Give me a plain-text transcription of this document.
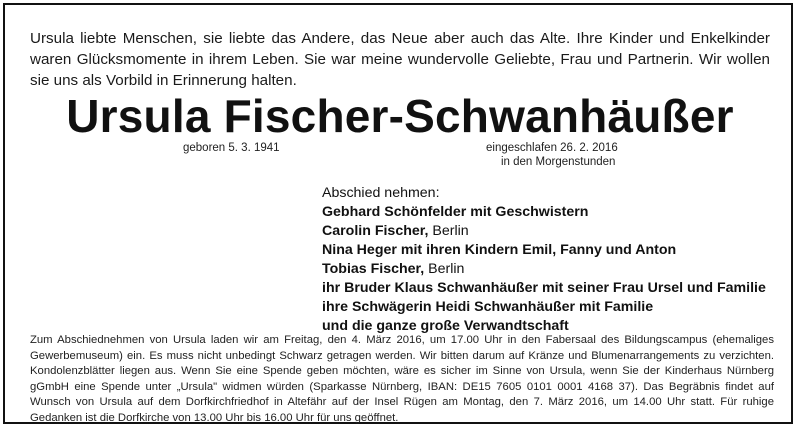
Ursula liebte Menschen, sie liebte das Andere, das Neue aber auch das Alte. Ihre Kinder und Enkelkinder waren Glücksmomente in ihrem Leben. Sie war meine wundervolle Geliebte, Frau und Partnerin. Wir wollen sie uns als Vorbild in Erinnerung halten.
Ursula Fischer-Schwanhäußer
geboren 5. 3. 1941	eingeschlafen 26. 2. 2016
in den Morgenstunden
Abschied nehmen:
Gebhard Schönfelder mit Geschwistern
Carolin Fischer, Berlin
Nina Heger mit ihren Kindern Emil, Fanny und Anton
Tobias Fischer, Berlin
ihr Bruder Klaus Schwanhäußer mit seiner Frau Ursel und Familie
ihre Schwägerin Heidi Schwanhäußer mit Familie
und die ganze große Verwandtschaft
Zum Abschiednehmen von Ursula laden wir am Freitag, den 4. März 2016, um 17.00 Uhr in den Fabersaal des Bildungscampus (ehemaliges Gewerbemuseum) ein. Es muss nicht unbedingt Schwarz getragen werden. Wir bitten darum auf Kränze und Blumenarrangements zu verzichten. Kondolenzblätter liegen aus. Wenn Sie eine Spende geben möchten, wäre es sicher im Sinne von Ursula, wenn Sie der Kinderhaus Nürnberg gGmbH eine Spende unter „Ursula" widmen würden (Sparkasse Nürnberg, IBAN: DE15 7605 0101 0001 4168 37). Das Begräbnis findet auf Wunsch von Ursula auf dem Dorfkirchfriedhof in Altefähr auf der Insel Rügen am Montag, den 7. März 2016, um 14.00 Uhr statt. Für ruhige Gedanken ist die Dorfkirche von 13.00 Uhr bis 16.00 Uhr für uns geöffnet.
